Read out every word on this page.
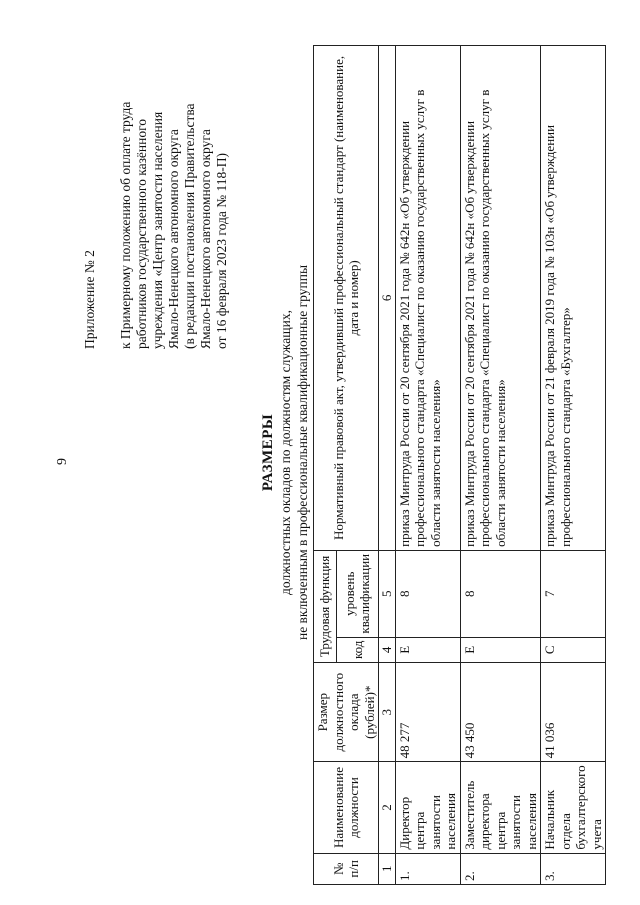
9
Приложение № 2 к Примерному положению об оплате труда работников государственного казённого учреждения «Центр занятости населения Ямало-Ненецкого автономного округа (в редакции постановления Правительства Ямало-Ненецкого автономного округа от 16 февраля 2023 года № 118-П)
РАЗМЕРЫ должностных окладов по должностям служащих, не включенным в профессиональные квалификационные группы
№ п/п	Наименование должности	Размер должностного оклада (рублей)*	Трудовая функция		Нормативный правовой акт, утвердивший профессиональный стандарт (наименование, дата и номер)
			код	уровень квалификации	
1	2	3	4	5	6
1.	Директор центра занятости населения	48 277	E	8	приказ Минтруда России от 20 сентября 2021 года № 642н «Об утверждении профессионального стандарта «Специалист по оказанию государственных услуг в области занятости населения»
2.	Заместитель директора центра занятости населения	43 450	E	8	приказ Минтруда России от 20 сентября 2021 года № 642н «Об утверждении профессионального стандарта «Специалист по оказанию государственных услуг в области занятости населения»
3.	Начальник отдела бухгалтерского учета	41 036	C	7	приказ Минтруда России от 21 февраля 2019 года № 103н «Об утверждении профессионального стандарта «Бухгалтер»
